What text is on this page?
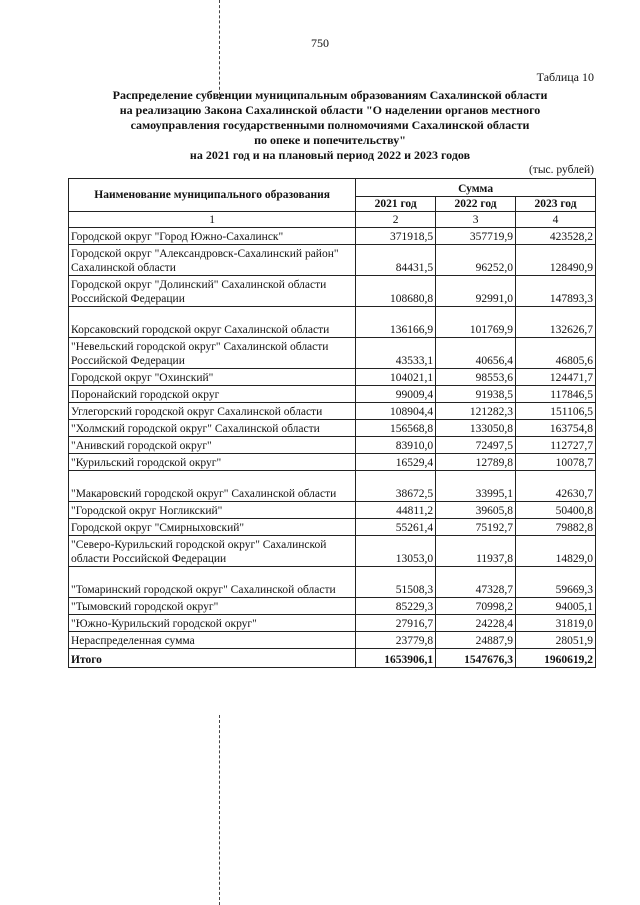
750
Таблица 10
Распределение субвенции муниципальным образованиям Сахалинской области
на реализацию Закона Сахалинской области "О наделении органов местного
самоуправления государственными полномочиями Сахалинской области
по опеке и попечительству"
на 2021 год и на плановый период 2022 и 2023 годов
(тыс. рублей)
Наименование муниципального образования	Сумма		
	2021 год	2022 год	2023 год
1	2	3	4
Городской округ "Город Южно-Сахалинск"	371918,5	357719,9	423528,2
Городской округ "Александровск-Сахалинский район" Сахалинской области	84431,5	96252,0	128490,9
Городской округ "Долинский" Сахалинской области Российской Федерации	108680,8	92991,0	147893,3
Корсаковский городской округ Сахалинской области	136166,9	101769,9	132626,7
"Невельский городской округ" Сахалинской области Российской Федерации	43533,1	40656,4	46805,6
Городской округ "Охинский"	104021,1	98553,6	124471,7
Поронайский городской округ	99009,4	91938,5	117846,5
Углегорский городской округ Сахалинской области	108904,4	121282,3	151106,5
"Холмский городской округ" Сахалинской области	156568,8	133050,8	163754,8
"Анивский городской округ"	83910,0	72497,5	112727,7
"Курильский городской округ"	16529,4	12789,8	10078,7
"Макаровский городской округ" Сахалинской области	38672,5	33995,1	42630,7
"Городской округ Ногликский"	44811,2	39605,8	50400,8
Городской округ "Смирныховский"	55261,4	75192,7	79882,8
"Северо-Курильский городской округ" Сахалинской области Российской Федерации	13053,0	11937,8	14829,0
"Томаринский городской округ" Сахалинской области	51508,3	47328,7	59669,3
"Тымовский городской округ"	85229,3	70998,2	94005,1
"Южно-Курильский городской округ"	27916,7	24228,4	31819,0
Нераспределенная сумма	23779,8	24887,9	28051,9
Итого	1653906,1	1547676,3	1960619,2
